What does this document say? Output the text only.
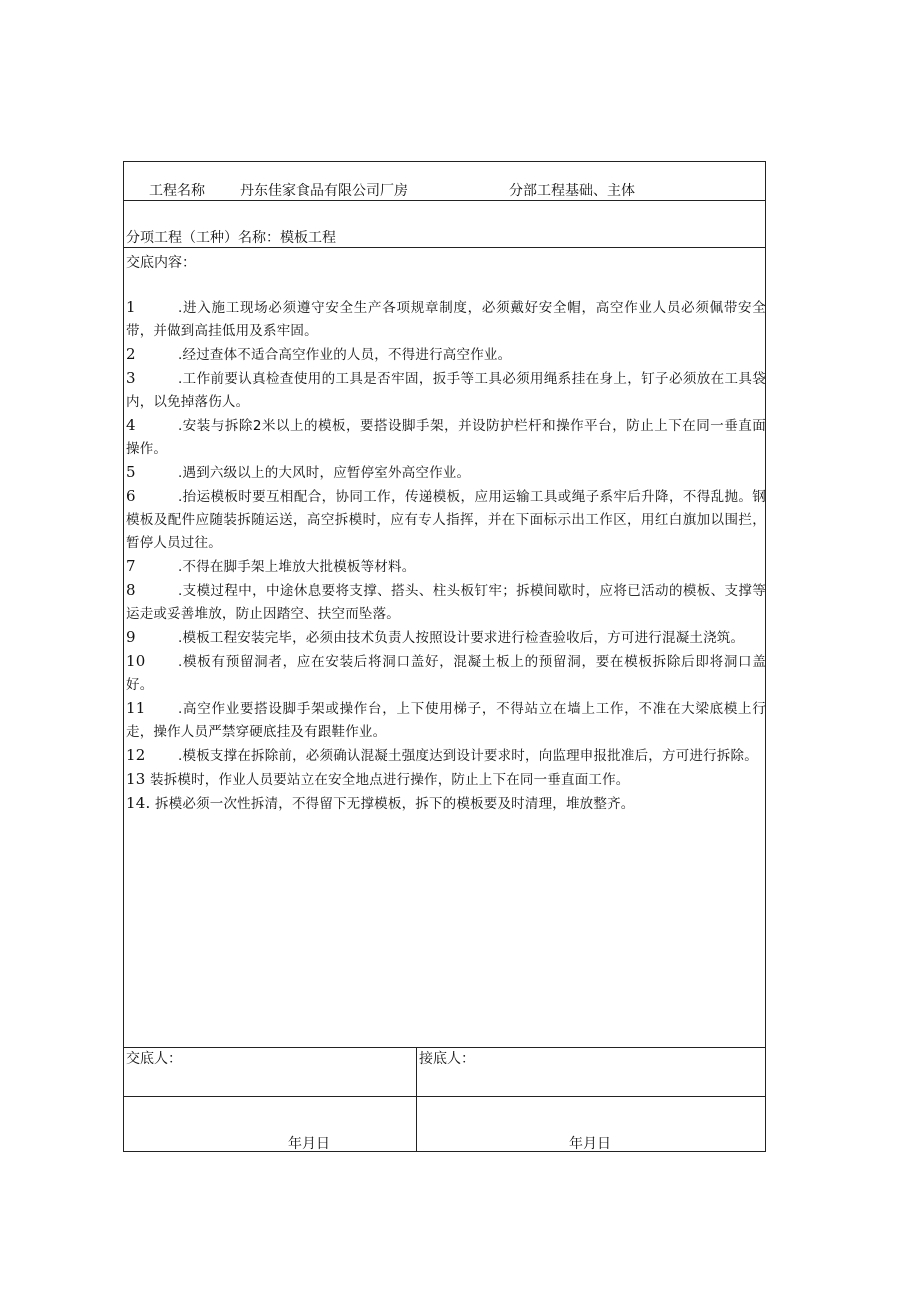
工程名称	丹东佳家食品有限公司厂房	分部工程基础、主体
分项工程（工种）名称：模板工程
交底内容：
1	.进入施工现场必须遵守安全生产各项规章制度，必须戴好安全帽，高空作业人员必须佩带安全带，并做到高挂低用及系牢固。
2	.经过查体不适合高空作业的人员，不得进行高空作业。
3	.工作前要认真检查使用的工具是否牢固，扳手等工具必须用绳系挂在身上，钉子必须放在工具袋内，以免掉落伤人。
4	.安装与拆除2米以上的模板，要搭设脚手架，并设防护栏杆和操作平台，防止上下在同一垂直面操作。
5	.遇到六级以上的大风时，应暂停室外高空作业。
6	.抬运模板时要互相配合，协同工作，传递模板，应用运输工具或绳子系牢后升降，不得乱抛。钢模板及配件应随装拆随运送，高空拆模时，应有专人指挥，并在下面标示出工作区，用红白旗加以围拦，暂停人员过往。
7	.不得在脚手架上堆放大批模板等材料。
8	.支模过程中，中途休息要将支撑、搭头、柱头板钉牢；拆模间歇时，应将已活动的模板、支撑等运走或妥善堆放，防止因踏空、扶空而坠落。
9	.模板工程安装完毕，必须由技术负责人按照设计要求进行检查验收后，方可进行混凝土浇筑。
10 .模板有预留洞者，应在安装后将洞口盖好，混凝土板上的预留洞，要在模板拆除后即将洞口盖好。
11 .高空作业要搭设脚手架或操作台，上下使用梯子，不得站立在墙上工作，不准在大梁底模上行走，操作人员严禁穿硬底挂及有跟鞋作业。
12 .模板支撑在拆除前，必须确认混凝土强度达到设计要求时，向监理申报批准后，方可进行拆除。
13 装拆模时，作业人员要站立在安全地点进行操作，防止上下在同一垂直面工作。
14. 拆模必须一次性拆清，不得留下无撑模板，拆下的模板要及时清理，堆放整齐。
交底人：	接底人：
年月日	年月日
